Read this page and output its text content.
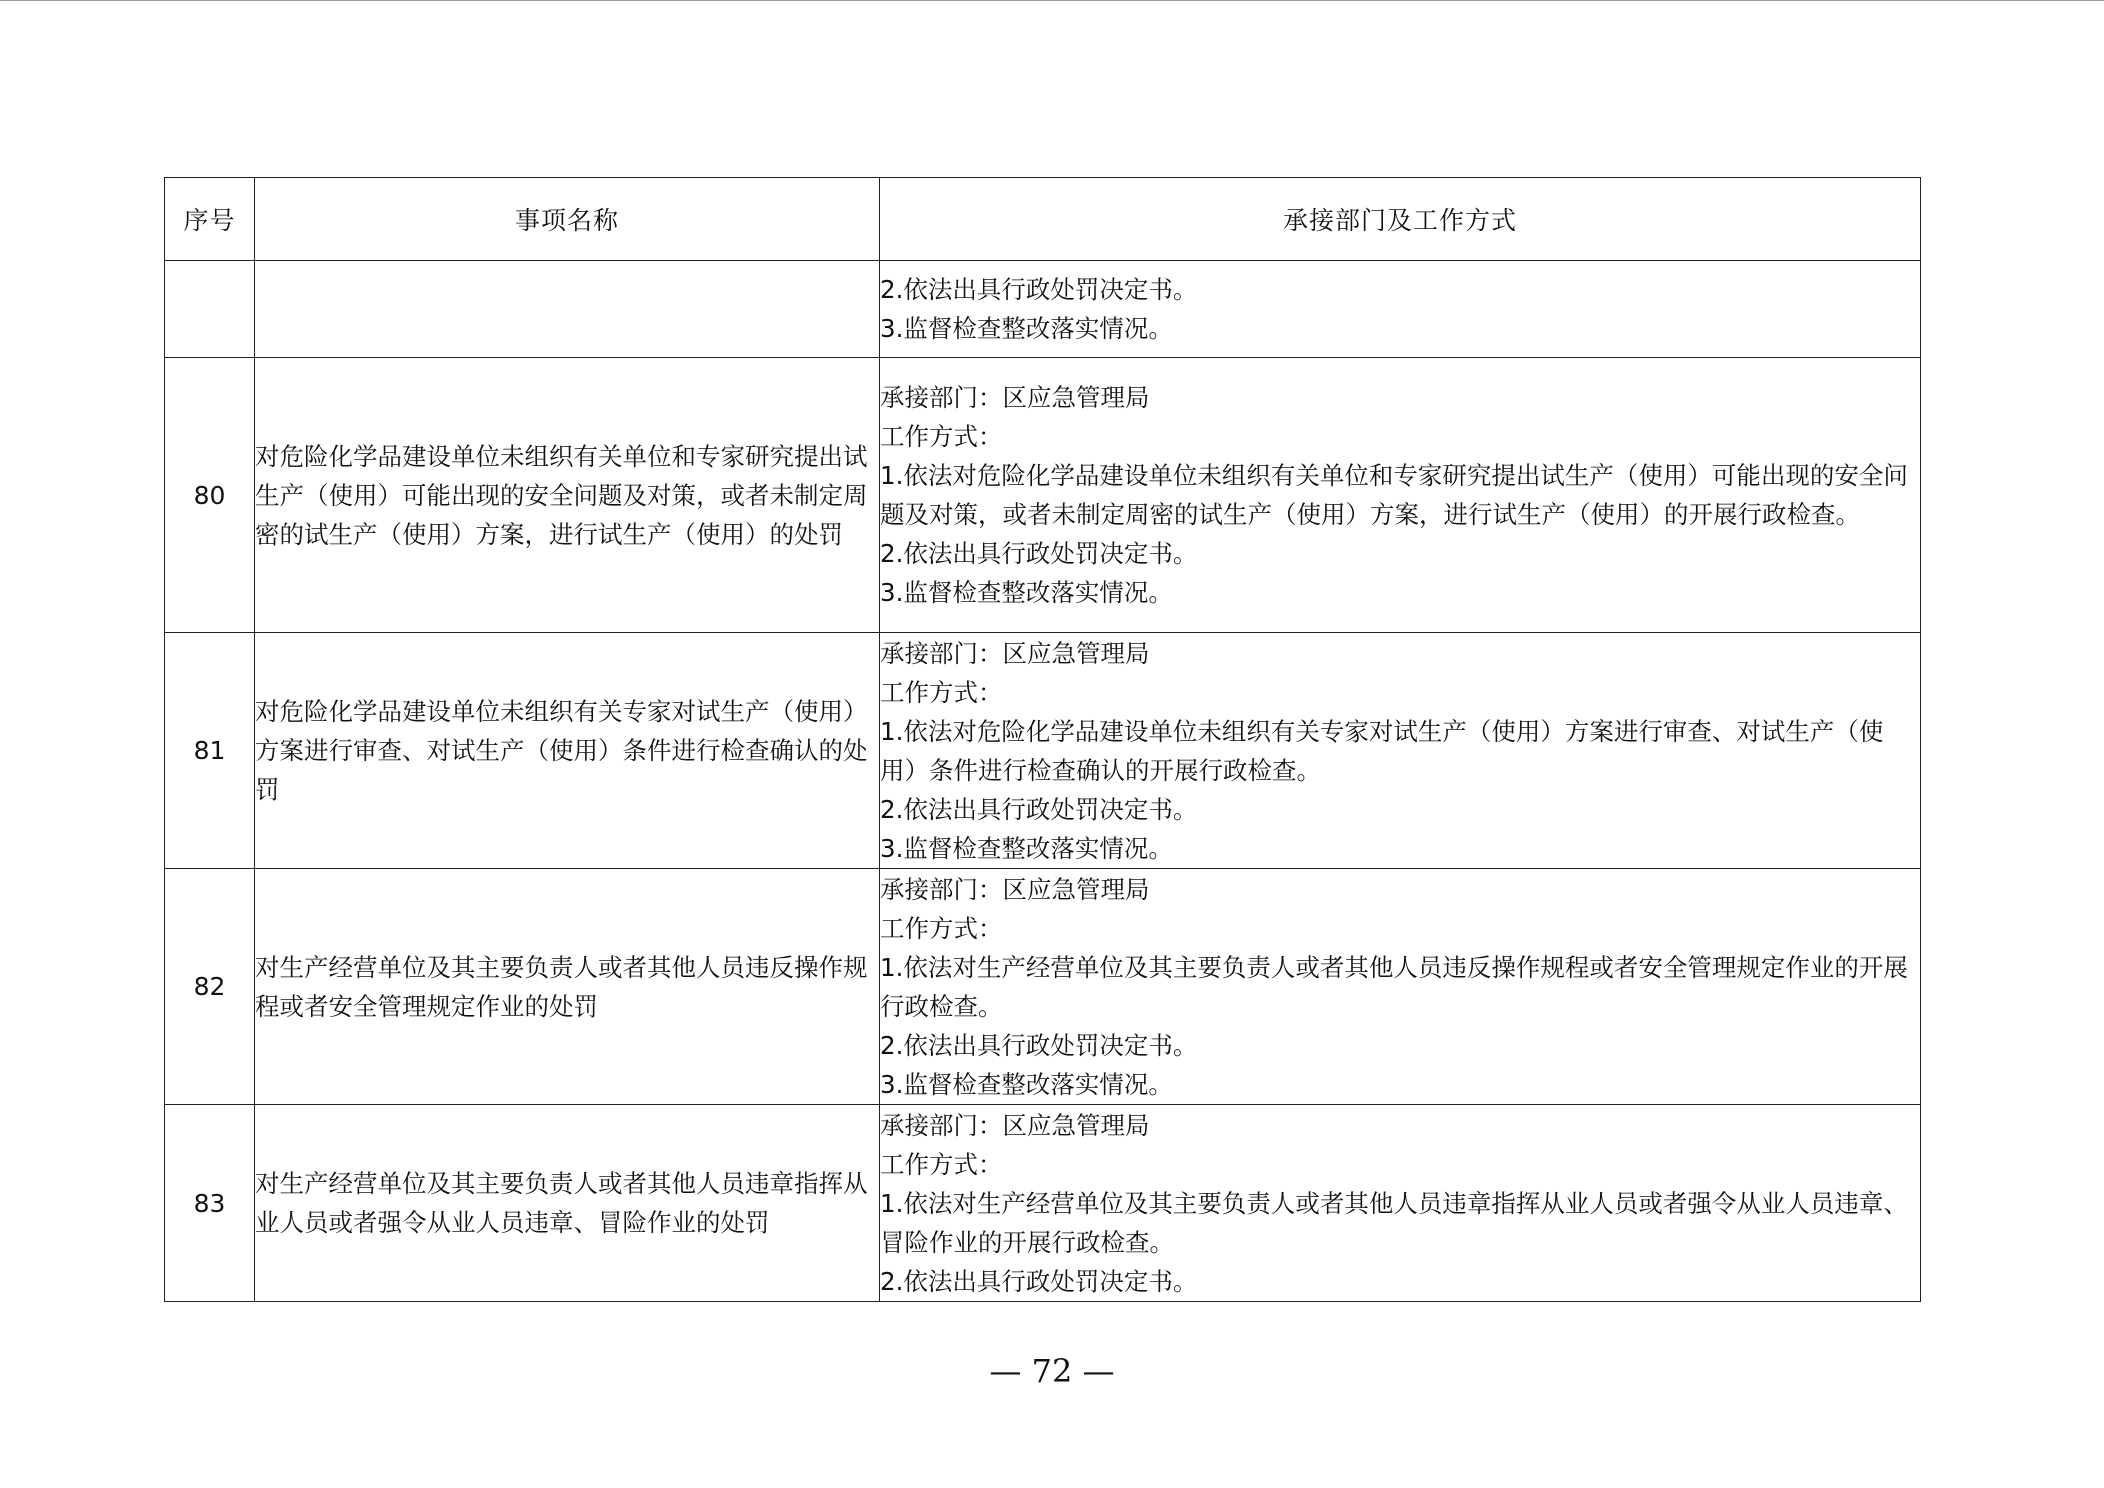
序号	事项名称	承接部门及工作方式

		2.依法出具行政处罚决定书。
3.监督检查整改落实情况。

80	对危险化学品建设单位未组织有关单位和专家研究提出试生产（使用）可能出现的安全问题及对策，或者未制定周密的试生产（使用）方案，进行试生产（使用）的处罚	承接部门：区应急管理局
工作方式：
1.依法对危险化学品建设单位未组织有关单位和专家研究提出试生产（使用）可能出现的安全问题及对策，或者未制定周密的试生产（使用）方案，进行试生产（使用）的开展行政检查。
2.依法出具行政处罚决定书。
3.监督检查整改落实情况。

81	对危险化学品建设单位未组织有关专家对试生产（使用）方案进行审查、对试生产（使用）条件进行检查确认的处罚	承接部门：区应急管理局
工作方式：
1.依法对危险化学品建设单位未组织有关专家对试生产（使用）方案进行审查、对试生产（使用）条件进行检查确认的开展行政检查。
2.依法出具行政处罚决定书。
3.监督检查整改落实情况。

82	对生产经营单位及其主要负责人或者其他人员违反操作规程或者安全管理规定作业的处罚	承接部门：区应急管理局
工作方式：
1.依法对生产经营单位及其主要负责人或者其他人员违反操作规程或者安全管理规定作业的开展行政检查。
2.依法出具行政处罚决定书。
3.监督检查整改落实情况。

83	对生产经营单位及其主要负责人或者其他人员违章指挥从业人员或者强令从业人员违章、冒险作业的处罚	承接部门：区应急管理局
工作方式：
1.依法对生产经营单位及其主要负责人或者其他人员违章指挥从业人员或者强令从业人员违章、冒险作业的开展行政检查。
2.依法出具行政处罚决定书。
— 72 —
